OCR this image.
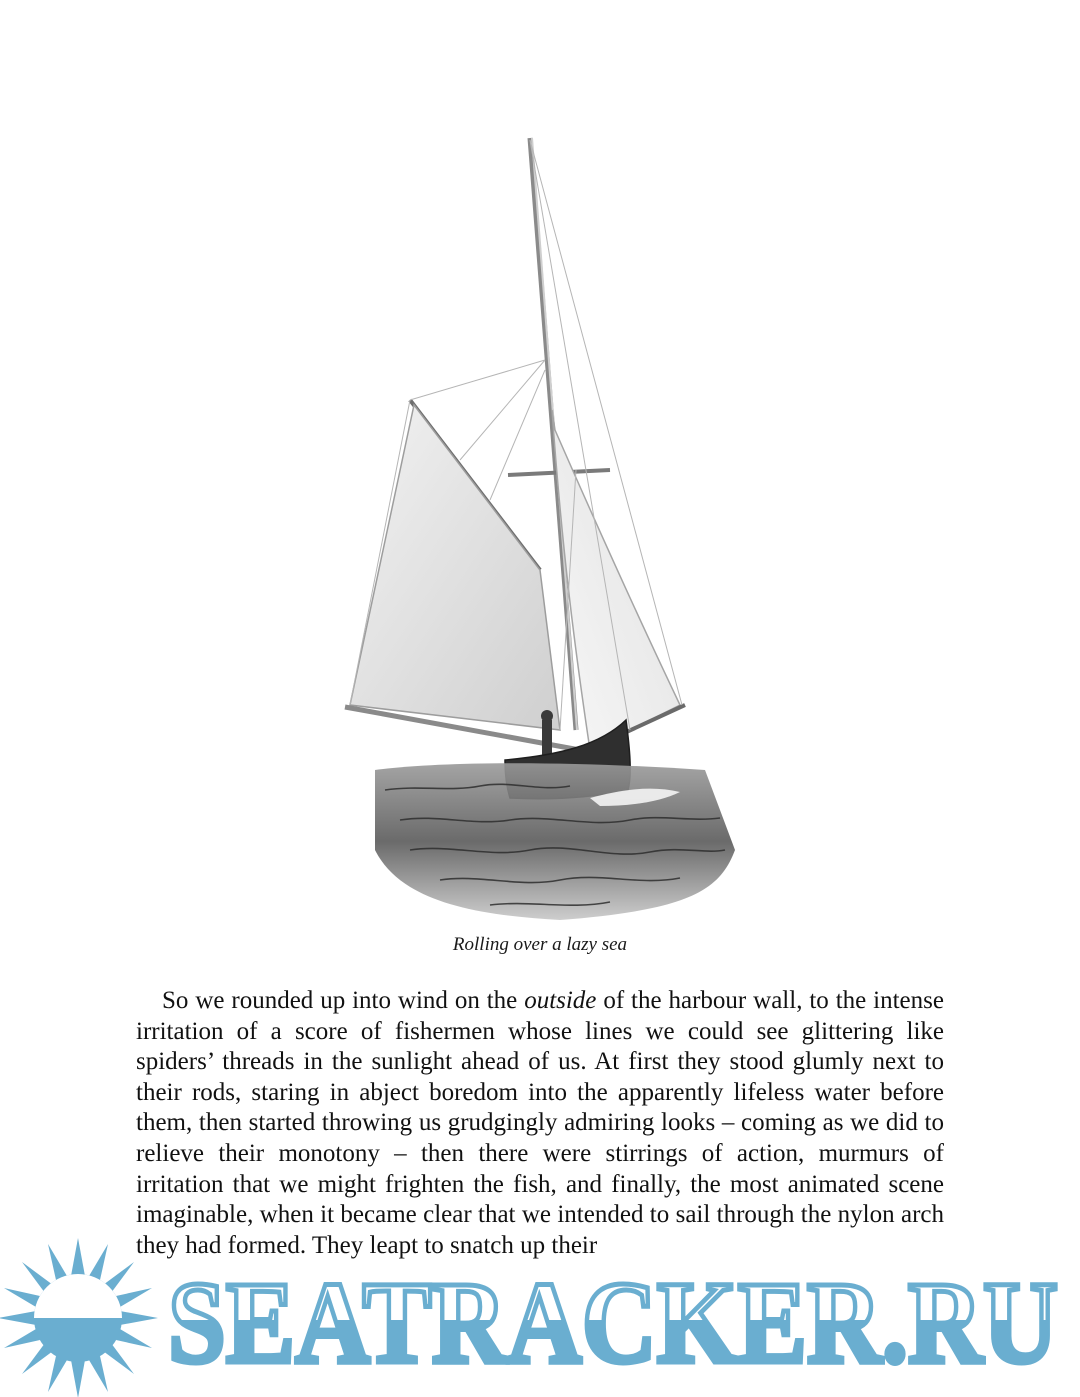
Rolling over a lazy sea

So we rounded up into wind on the outside of the harbour wall, to the intense irritation of a score of fishermen whose lines we could see glittering like spiders’ threads in the sunlight ahead of us. At first they stood glumly next to their rods, staring in abject boredom into the apparently lifeless water before them, then started throwing us grudgingly admiring looks – coming as we did to relieve their monotony – then there were stirrings of action, murmurs of irritation that we might frighten the fish, and finally, the most animated scene imaginable, when it became clear that we intended to sail through the nylon arch they had formed. They leapt to snatch up their

SEATRACKER.RU
